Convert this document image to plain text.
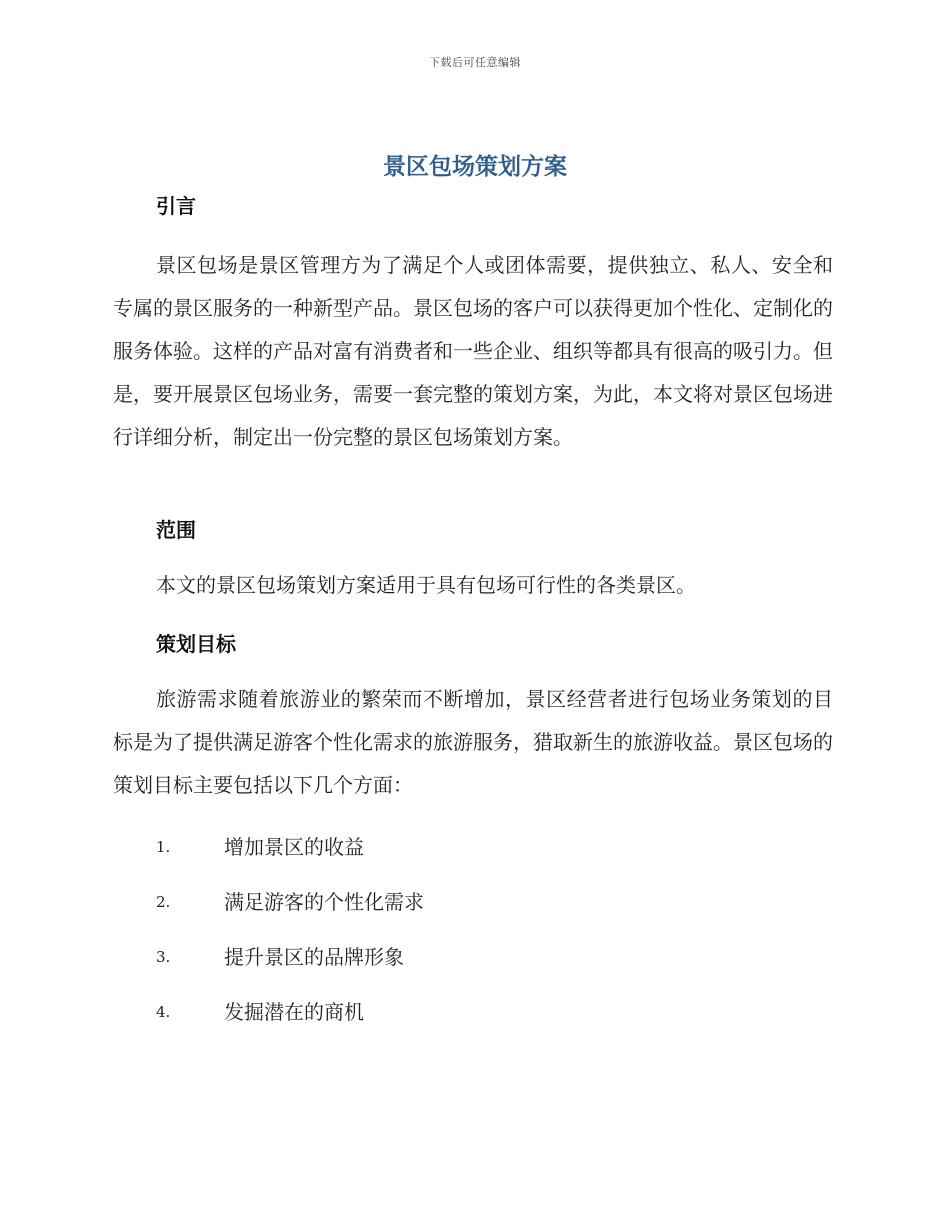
下载后可任意编辑
景区包场策划方案
引言

景区包场是景区管理方为了满足个人或团体需要，提供独立、私人、安全和专属的景区服务的一种新型产品。景区包场的客户可以获得更加个性化、定制化的服务体验。这样的产品对富有消费者和一些企业、组织等都具有很高的吸引力。但是，要开展景区包场业务，需要一套完整的策划方案，为此，本文将对景区包场进行详细分析，制定出一份完整的景区包场策划方案。

范围

本文的景区包场策划方案适用于具有包场可行性的各类景区。

策划目标

旅游需求随着旅游业的繁荣而不断增加，景区经营者进行包场业务策划的目标是为了提供满足游客个性化需求的旅游服务，猎取新生的旅游收益。景区包场的策划目标主要包括以下几个方面：

1.	增加景区的收益
2.	满足游客的个性化需求
3.	提升景区的品牌形象
4.	发掘潜在的商机
